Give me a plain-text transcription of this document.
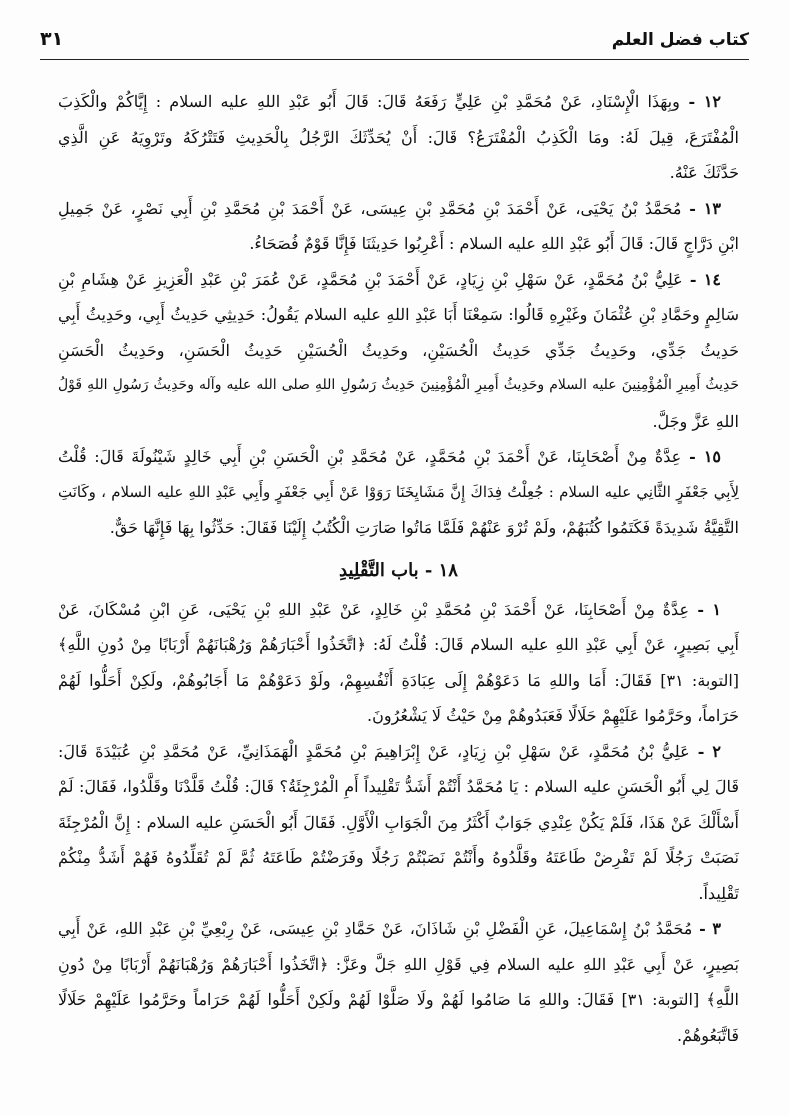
كتاب فضل العلم
٣١
١٢ - وبِهَذَا الْإِسْنَادِ، عَنْ مُحَمَّدِ بْنِ عَلِيٍّ رَفَعَهُ قَالَ: قَالَ أَبُو عَبْدِ اللهِ عليه السلام : إِيَّاكُمْ والْكَذِبَ
الْمُفْتَرَعَ، قِيلَ لَهُ: ومَا الْكَذِبُ الْمُفْتَرَعُ؟ قَالَ: أَنْ يُحَدِّثَكَ الرَّجُلُ بِالْحَدِيثِ فَتَتْرُكَهُ وتَرْوِيَهُ عَنِ الَّذِي
حَدَّثَكَ عَنْهُ.
١٣ - مُحَمَّدُ بْنُ يَحْيَى، عَنْ أَحْمَدَ بْنِ مُحَمَّدِ بْنِ عِيسَى، عَنْ أَحْمَدَ بْنِ مُحَمَّدِ بْنِ أَبِي نَصْرٍ، عَنْ جَمِيلِ
ابْنِ دَرَّاجٍ قَالَ: قَالَ أَبُو عَبْدِ اللهِ عليه السلام : أَعْرِبُوا حَدِيثَنَا فَإِنَّا قَوْمٌ فُصَحَاءُ.
١٤ - عَلِيُّ بْنُ مُحَمَّدٍ، عَنْ سَهْلِ بْنِ زِيَادٍ، عَنْ أَحْمَدَ بْنِ مُحَمَّدٍ، عَنْ عُمَرَ بْنِ عَبْدِ الْعَزِيزِ عَنْ هِشَامِ بْنِ
سَالِمٍ وحَمَّادِ بْنِ عُثْمَانَ وغَيْرِهِ قَالُوا: سَمِعْنَا أَبَا عَبْدِ اللهِ عليه السلام يَقُولُ: حَدِيثِي حَدِيثُ أَبِي، وحَدِيثُ أَبِي
حَدِيثُ جَدِّي، وحَدِيثُ جَدِّي حَدِيثُ الْحُسَيْنِ، وحَدِيثُ الْحُسَيْنِ حَدِيثُ الْحَسَنِ، وحَدِيثُ الْحَسَنِ
حَدِيثُ أَمِيرِ الْمُؤْمِنِينَ عليه السلام وحَدِيثُ أَمِيرِ الْمُؤْمِنِينَ حَدِيثُ رَسُولِ اللهِ صلى الله عليه وآله وحَدِيثُ رَسُولِ اللهِ قَوْلُ
اللهِ عَزَّ وجَلَّ.
١٥ - عِدَّةٌ مِنْ أَصْحَابِنَا، عَنْ أَحْمَدَ بْنِ مُحَمَّدٍ، عَنْ مُحَمَّدِ بْنِ الْحَسَنِ بْنِ أَبِي خَالِدٍ شَيْنُولَةَ قَالَ: قُلْتُ
لِأَبِي جَعْفَرٍ الثَّانِي عليه السلام : جُعِلْتُ فِدَاكَ إِنَّ مَشَايِخَنَا رَوَوْا عَنْ أَبِي جَعْفَرٍ وأَبِي عَبْدِ اللهِ عليه السلام ، وكَانَتِ
التَّقِيَّةُ شَدِيدَةً فَكَتَمُوا كُتُبَهُمْ، ولَمْ تُرْوَ عَنْهُمْ فَلَمَّا مَاتُوا صَارَتِ الْكُتُبُ إِلَيْنَا فَقَالَ: حَدِّثُوا بِهَا فَإِنَّهَا حَقٌّ.
١٨ - باب التَّقْلِيدِ
١ - عِدَّةٌ مِنْ أَصْحَابِنَا، عَنْ أَحْمَدَ بْنِ مُحَمَّدِ بْنِ خَالِدٍ، عَنْ عَبْدِ اللهِ بْنِ يَحْيَى، عَنِ ابْنِ مُسْكَانَ، عَنْ
أَبِي بَصِيرٍ، عَنْ أَبِي عَبْدِ اللهِ عليه السلام قَالَ: قُلْتُ لَهُ: ﴿اتَّخَذُوا أَحْبَارَهُمْ وَرُهْبَانَهُمْ أَرْبَابًا مِنْ دُونِ اللَّهِ﴾
[التوبة: ٣١] فَقَالَ: أَمَا واللهِ مَا دَعَوْهُمْ إِلَى عِبَادَةِ أَنْفُسِهِمْ، ولَوْ دَعَوْهُمْ مَا أَجَابُوهُمْ، ولَكِنْ أَحَلُّوا لَهُمْ
حَرَاماً، وحَرَّمُوا عَلَيْهِمْ حَلَالًا فَعَبَدُوهُمْ مِنْ حَيْثُ لَا يَشْعُرُونَ.
٢ - عَلِيُّ بْنُ مُحَمَّدٍ، عَنْ سَهْلِ بْنِ زِيَادٍ، عَنْ إِبْرَاهِيمَ بْنِ مُحَمَّدٍ الْهَمَذَانِيِّ، عَنْ مُحَمَّدِ بْنِ عُبَيْدَةَ قَالَ:
قَالَ لِي أَبُو الْحَسَنِ عليه السلام : يَا مُحَمَّدُ أَنْتُمْ أَشَدُّ تَقْلِيداً أَمِ الْمُرْجِئَةُ؟ قَالَ: قُلْتُ قَلَّدْنَا وقَلَّدُوا، فَقَالَ: لَمْ
أَسْأَلْكَ عَنْ هَذَا، فَلَمْ يَكُنْ عِنْدِي جَوَابٌ أَكْثَرُ مِنَ الْجَوَابِ الْأَوَّلِ. فَقَالَ أَبُو الْحَسَنِ عليه السلام : إِنَّ الْمُرْجِئَةَ
نَصَبَتْ رَجُلًا لَمْ تَفْرِضْ طَاعَتَهُ وقَلَّدُوهُ وأَنْتُمْ نَصَبْتُمْ رَجُلًا وفَرَضْتُمْ طَاعَتَهُ ثُمَّ لَمْ تُقَلِّدُوهُ فَهُمْ أَشَدُّ مِنْكُمْ
تَقْلِيداً.
٣ - مُحَمَّدُ بْنُ إِسْمَاعِيلَ، عَنِ الْفَضْلِ بْنِ شَاذَانَ، عَنْ حَمَّادِ بْنِ عِيسَى، عَنْ رِبْعِيِّ بْنِ عَبْدِ اللهِ، عَنْ أَبِي
بَصِيرٍ، عَنْ أَبِي عَبْدِ اللهِ عليه السلام فِي قَوْلِ اللهِ جَلَّ وعَزَّ: ﴿اتَّخَذُوا أَحْبَارَهُمْ وَرُهْبَانَهُمْ أَرْبَابًا مِنْ دُونِ
اللَّهِ﴾ [التوبة: ٣١] فَقَالَ: واللهِ مَا صَامُوا لَهُمْ ولَا صَلَّوْا لَهُمْ ولَكِنْ أَحَلُّوا لَهُمْ حَرَاماً وحَرَّمُوا عَلَيْهِمْ حَلَالًا
فَاتَّبَعُوهُمْ.
